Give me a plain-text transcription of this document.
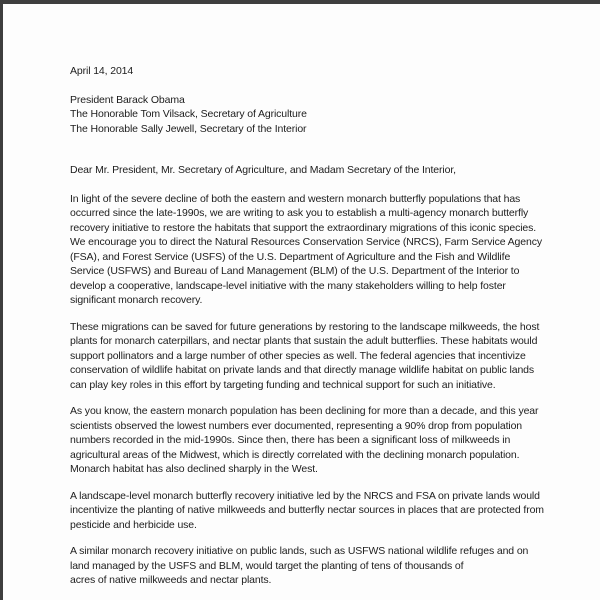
April 14, 2014

President Barack Obama

The Honorable Tom Vilsack, Secretary of Agriculture

The Honorable Sally Jewell, Secretary of the Interior

Dear Mr. President, Mr. Secretary of Agriculture, and Madam Secretary of the Interior,

In light of the severe decline of both the eastern and western monarch butterfly populations that has occurred since the late-1990s, we are writing to ask you to establish a multi-agency monarch butterfly recovery initiative to restore the habitats that support the extraordinary migrations of this iconic species. We encourage you to direct the Natural Resources Conservation Service (NRCS), Farm Service Agency (FSA), and Forest Service (USFS) of the U.S. Department of Agriculture and the Fish and Wildlife Service (USFWS) and Bureau of Land Management (BLM) of the U.S. Department of the Interior to develop a cooperative, landscape-level initiative with the many stakeholders willing to help foster significant monarch recovery.

These migrations can be saved for future generations by restoring to the landscape milkweeds, the host plants for monarch caterpillars, and nectar plants that sustain the adult butterflies. These habitats would support pollinators and a large number of other species as well. The federal agencies that incentivize conservation of wildlife habitat on private lands and that directly manage wildlife habitat on public lands can play key roles in this effort by targeting funding and technical support for such an initiative.

As you know, the eastern monarch population has been declining for more than a decade, and this year scientists observed the lowest numbers ever documented, representing a 90% drop from population numbers recorded in the mid-1990s. Since then, there has been a significant loss of milkweeds in agricultural areas of the Midwest, which is directly correlated with the declining monarch population. Monarch habitat has also declined sharply in the West.

A landscape-level monarch butterfly recovery initiative led by the NRCS and FSA on private lands would incentivize the planting of native milkweeds and butterfly nectar sources in places that are protected from pesticide and herbicide use.

A similar monarch recovery initiative on public lands, such as USFWS national wildlife refuges and on land managed by the USFS and BLM, would target the planting of tens of thousands of

acres of native milkweeds and nectar plants.
